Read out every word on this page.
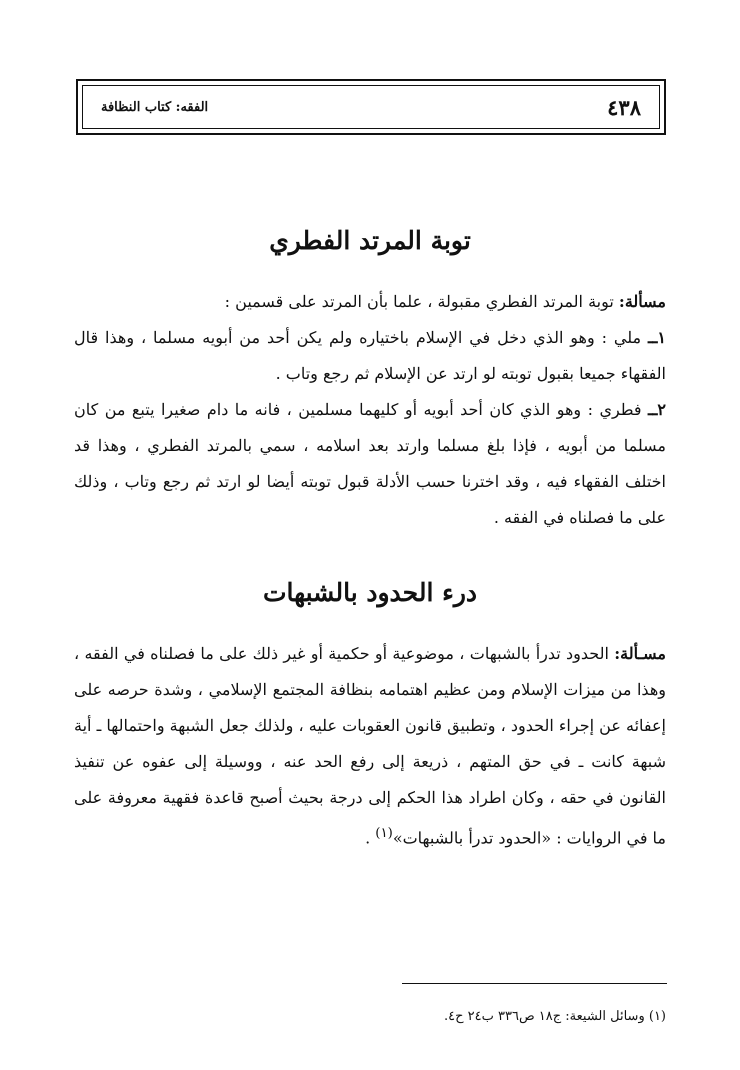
٤٣٨
الفقه: كتاب النظافة
توبة المرتد الفطري

مسألة: توبة المرتد الفطري مقبولة ، علما بأن المرتد على قسمين :

١ــ ملي : وهو الذي دخل في الإسلام باختياره ولم يكن أحد من أبويه مسلما ، وهذا قال الفقهاء جميعا بقبول توبته لو ارتد عن الإسلام ثم رجع وتاب .

٢ــ فطري : وهو الذي كان أحد أبويه أو كليهما مسلمين ، فانه ما دام صغيرا يتبع من كان مسلما من أبويه ، فإذا بلغ مسلما وارتد بعد اسلامه ، سمي بالمرتد الفطري ، وهذا قد اختلف الفقهاء فيه ، وقد اخترنا حسب الأدلة قبول توبته أيضا لو ارتد ثم رجع وتاب ، وذلك على ما فصلناه في الفقه .

درء الحدود بالشبهات

مسـألة: الحدود تدرأ بالشبهات ، موضوعية أو حكمية أو غير ذلك على ما فصلناه في الفقه ، وهذا من ميزات الإسلام ومن عظيم اهتمامه بنظافة المجتمع الإسلامي ، وشدة حرصه على إعفائه عن إجراء الحدود ، وتطبيق قانون العقوبات عليه ، ولذلك جعل الشبهة واحتمالها ـ أية شبهة كانت ـ في حق المتهم ، ذريعة إلى رفع الحد عنه ، ووسيلة إلى عفوه عن تنفيذ القانون في حقه ، وكان اطراد هذا الحكم إلى درجة بحيث أصبح قاعدة فقهية معروفة على ما في الروايات : «الحدود تدرأ بالشبهات»$^{(١)}$ .

(١) وسائل الشيعة: ج١٨ ص٣٣٦ ب٢٤ ح٤.
